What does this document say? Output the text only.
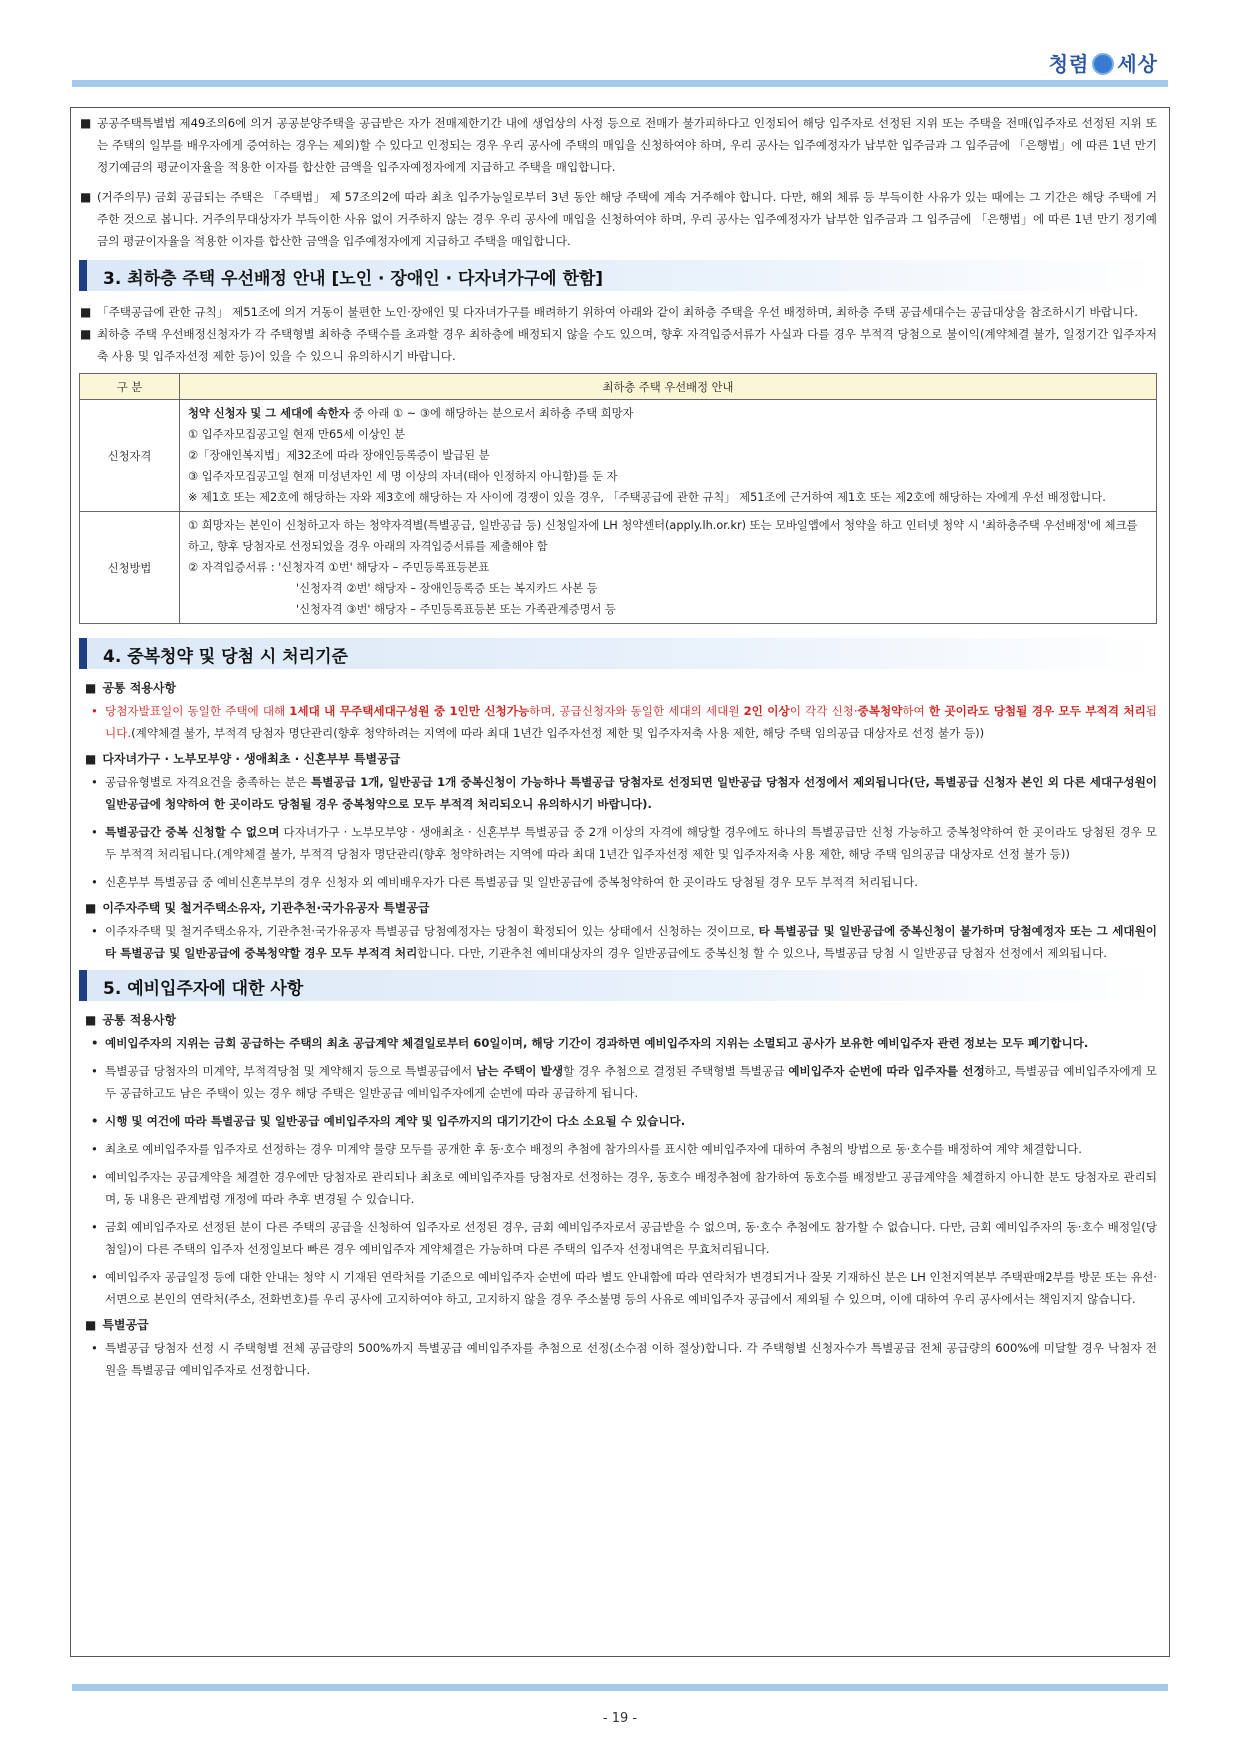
청렴 세상
■ 공공주택특별법 제49조의6에 의거 공공분양주택을 공급받은 자가 전매제한기간 내에 생업상의 사정 등으로 전매가 불가피하다고 인정되어 해당 입주자로 선정된 지위 또는 주택을 전매(입주자로 선정된 지위 또는 주택의 일부를 배우자에게 증여하는 경우는 제외)할 수 있다고 인정되는 경우 우리 공사에 주택의 매입을 신청하여야 하며, 우리 공사는 입주예정자가 납부한 입주금과 그 입주금에 「은행법」에 따른 1년 만기 정기예금의 평균이자율을 적용한 이자를 합산한 금액을 입주자예정자에게 지급하고 주택을 매입합니다.
■ (거주의무) 금회 공급되는 주택은 「주택법」 제 57조의2에 따라 최초 입주가능일로부터 3년 동안 해당 주택에 계속 거주해야 합니다. 다만, 해외 체류 등 부득이한 사유가 있는 때에는 그 기간은 해당 주택에 거주한 것으로 봅니다. 거주의무대상자가 부득이한 사유 없이 거주하지 않는 경우 우리 공사에 매입을 신청하여야 하며, 우리 공사는 입주예정자가 납부한 입주금과 그 입주금에 「은행법」에 따른 1년 만기 정기예금의 평균이자율을 적용한 이자를 합산한 금액을 입주예정자에게 지급하고 주택을 매입합니다.
3. 최하층 주택 우선배정 안내 [노인 · 장애인 · 다자녀가구에 한함]
■ 「주택공급에 관한 규칙」 제51조에 의거 거동이 불편한 노인·장애인 및 다자녀가구를 배려하기 위하여 아래와 같이 최하층 주택을 우선 배정하며, 최하층 주택 공급세대수는 공급대상을 참조하시기 바랍니다.
■ 최하층 주택 우선배정신청자가 각 주택형별 최하층 주택수를 초과할 경우 최하층에 배정되지 않을 수도 있으며, 향후 자격입증서류가 사실과 다를 경우 부적격 당첨으로 불이익(계약체결 불가, 일정기간 입주자저축 사용 및 입주자선정 제한 등)이 있을 수 있으니 유의하시기 바랍니다.
구 분	최하층 주택 우선배정 안내
신청자격	청약 신청자 및 그 세대에 속한자 중 아래 ① ~ ③에 해당하는 분으로서 최하층 주택 희망자
① 입주자모집공고일 현재 만65세 이상인 분
②「장애인복지법」제32조에 따라 장애인등록증이 발급된 분
③ 입주자모집공고일 현재 미성년자인 세 명 이상의 자녀(태아 인정하지 아니함)를 둔 자
※ 제1호 또는 제2호에 해당하는 자와 제3호에 해당하는 자 사이에 경쟁이 있을 경우, 「주택공급에 관한 규칙」 제51조에 근거하여 제1호 또는 제2호에 해당하는 자에게 우선 배정합니다.

신청방법	① 희망자는 본인이 신청하고자 하는 청약자격별(특별공급, 일반공급 등) 신청일자에 LH 청약센터(apply.lh.or.kr) 또는 모바일앱에서 청약을 하고 인터넷 청약 시 '최하층주택 우선배정'에 체크를 하고, 향후 당첨자로 선정되었을 경우 아래의 자격입증서류를 제출해야 함
② 자격입증서류 : '신청자격 ①번' 해당자 – 주민등록표등본표
'신청자격 ②번' 해당자 – 장애인등록증 또는 복지카드 사본 등
'신청자격 ③번' 해당자 – 주민등록표등본 또는 가족관계증명서 등
4. 중복청약 및 당첨 시 처리기준
■ 공통 적용사항
• 당첨자발표일이 동일한 주택에 대해 1세대 내 무주택세대구성원 중 1인만 신청가능하며, 공급신청자와 동일한 세대의 세대원 2인 이상이 각각 신청·중복청약하여 한 곳이라도 당첨될 경우 모두 부적격 처리됩니다.(계약체결 불가, 부적격 당첨자 명단관리(향후 청약하려는 지역에 따라 최대 1년간 입주자선정 제한 및 입주자저축 사용 제한, 해당 주택 임의공급 대상자로 선정 불가 등))
■ 다자녀가구 · 노부모부양 · 생애최초 · 신혼부부 특별공급
• 공급유형별로 자격요건을 충족하는 분은 특별공급 1개, 일반공급 1개 중복신청이 가능하나 특별공급 당첨자로 선정되면 일반공급 당첨자 선정에서 제외됩니다(단, 특별공급 신청자 본인 외 다른 세대구성원이 일반공급에 청약하여 한 곳이라도 당첨될 경우 중복청약으로 모두 부적격 처리되오니 유의하시기 바랍니다).
• 특별공급간 중복 신청할 수 없으며 다자녀가구 · 노부모부양 · 생애최초 · 신혼부부 특별공급 중 2개 이상의 자격에 해당할 경우에도 하나의 특별공급만 신청 가능하고 중복청약하여 한 곳이라도 당첨된 경우 모두 부적격 처리됩니다.(계약체결 불가, 부적격 당첨자 명단관리(향후 청약하려는 지역에 따라 최대 1년간 입주자선정 제한 및 입주자저축 사용 제한, 해당 주택 임의공급 대상자로 선정 불가 등))
• 신혼부부 특별공급 중 예비신혼부부의 경우 신청자 외 예비배우자가 다른 특별공급 및 일반공급에 중복청약하여 한 곳이라도 당첨될 경우 모두 부적격 처리됩니다.
■ 이주자주택 및 철거주택소유자, 기관추천·국가유공자 특별공급
• 이주자주택 및 철거주택소유자, 기관추천·국가유공자 특별공급 당첨예정자는 당첨이 확정되어 있는 상태에서 신청하는 것이므로, 타 특별공급 및 일반공급에 중복신청이 불가하며 당첨예정자 또는 그 세대원이 타 특별공급 및 일반공급에 중복청약할 경우 모두 부적격 처리합니다. 다만, 기관추천 예비대상자의 경우 일반공급에도 중복신청 할 수 있으나, 특별공급 당첨 시 일반공급 당첨자 선정에서 제외됩니다.
5. 예비입주자에 대한 사항
■ 공통 적용사항
• 예비입주자의 지위는 금회 공급하는 주택의 최초 공급계약 체결일로부터 60일이며, 해당 기간이 경과하면 예비입주자의 지위는 소멸되고 공사가 보유한 예비입주자 관련 정보는 모두 폐기합니다.
• 특별공급 당첨자의 미계약, 부적격당첨 및 계약해지 등으로 특별공급에서 남는 주택이 발생할 경우 추첨으로 결정된 주택형별 특별공급 예비입주자 순번에 따라 입주자를 선정하고, 특별공급 예비입주자에게 모두 공급하고도 남은 주택이 있는 경우 해당 주택은 일반공급 예비입주자에게 순번에 따라 공급하게 됩니다.
• 시행 및 여건에 따라 특별공급 및 일반공급 예비입주자의 계약 및 입주까지의 대기기간이 다소 소요될 수 있습니다.
• 최초로 예비입주자를 입주자로 선정하는 경우 미계약 물량 모두를 공개한 후 동·호수 배정의 추첨에 참가의사를 표시한 예비입주자에 대하여 추첨의 방법으로 동·호수를 배정하여 계약 체결합니다.
• 예비입주자는 공급계약을 체결한 경우에만 당첨자로 관리되나 최초로 예비입주자를 당첨자로 선정하는 경우, 동호수 배정추첨에 참가하여 동호수를 배정받고 공급계약을 체결하지 아니한 분도 당첨자로 관리되며, 동 내용은 관계법령 개정에 따라 추후 변경될 수 있습니다.
• 금회 예비입주자로 선정된 분이 다른 주택의 공급을 신청하여 입주자로 선정된 경우, 금회 예비입주자로서 공급받을 수 없으며, 동·호수 추첨에도 참가할 수 없습니다. 다만, 금회 예비입주자의 동·호수 배정일(당첨일)이 다른 주택의 입주자 선정일보다 빠른 경우 예비입주자 계약체결은 가능하며 다른 주택의 입주자 선정내역은 무효처리됩니다.
• 예비입주자 공급일정 등에 대한 안내는 청약 시 기재된 연락처를 기준으로 예비입주자 순번에 따라 별도 안내함에 따라 연락처가 변경되거나 잘못 기재하신 분은 LH 인천지역본부 주택판매2부를 방문 또는 유선·서면으로 본인의 연락처(주소, 전화번호)를 우리 공사에 고지하여야 하고, 고지하지 않을 경우 주소불명 등의 사유로 예비입주자 공급에서 제외될 수 있으며, 이에 대하여 우리 공사에서는 책임지지 않습니다.
■ 특별공급
• 특별공급 당첨자 선정 시 주택형별 전체 공급량의 500%까지 특별공급 예비입주자를 추첨으로 선정(소수점 이하 절상)합니다. 각 주택형별 신청자수가 특별공급 전체 공급량의 600%에 미달할 경우 낙첨자 전원을 특별공급 예비입주자로 선정합니다.
- 19 -
